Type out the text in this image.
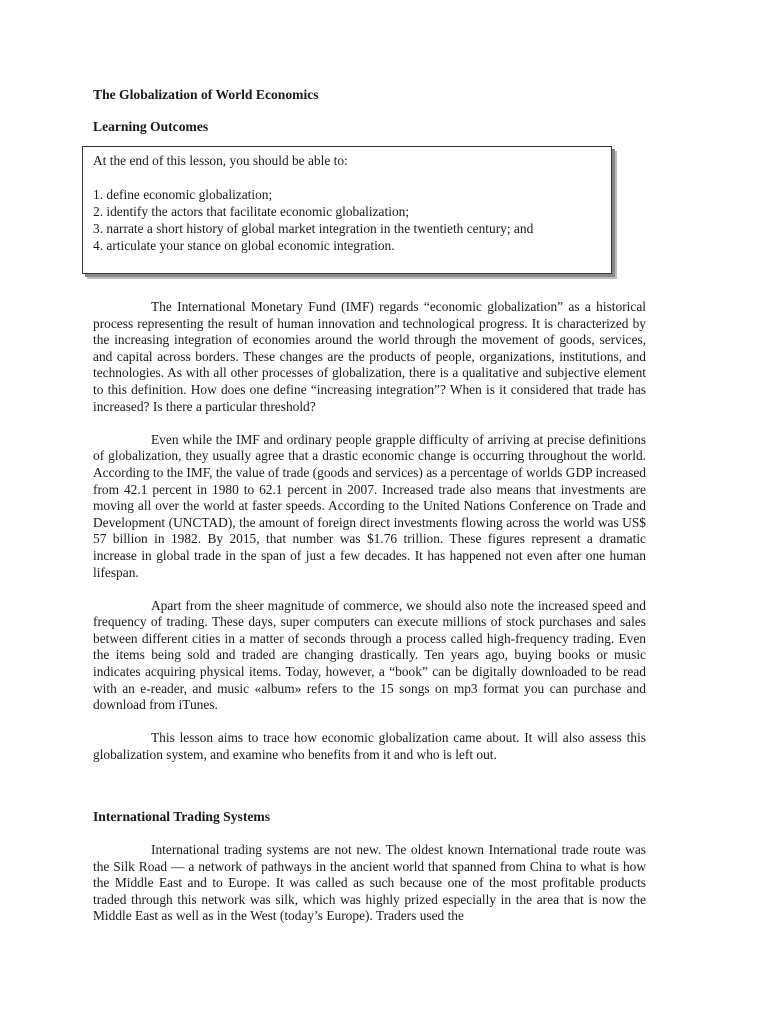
The Globalization of World Economics
Learning Outcomes

At the end of this lesson, you should be able to:

1. define economic globalization;
2. identify the actors that facilitate economic globalization;
3. narrate a short history of global market integration in the twentieth century; and
4. articulate your stance on global economic integration.

The International Monetary Fund (IMF) regards “economic globalization” as a historical process representing the result of human innovation and technological progress. It is characterized by the increasing integration of economies around the world through the movement of goods, services, and capital across borders. These changes are the products of people, organizations, institutions, and technologies. As with all other processes of globalization, there is a qualitative and subjective element to this definition. How does one define “increasing integration”? When is it considered that trade has increased? Is there a particular threshold?

Even while the IMF and ordinary people grapple difficulty of arriving at precise definitions of globalization, they usually agree that a drastic economic change is occurring throughout the world. According to the IMF, the value of trade (goods and services) as a percentage of worlds GDP increased from 42.1 percent in 1980 to 62.1 percent in 2007. Increased trade also means that investments are moving all over the world at faster speeds. According to the United Nations Conference on Trade and Development (UNCTAD), the amount of foreign direct investments flowing across the world was US$ 57 billion in 1982. By 2015, that number was $1.76 trillion. These figures represent a dramatic increase in global trade in the span of just a few decades. It has happened not even after one human lifespan.

Apart from the sheer magnitude of commerce, we should also note the increased speed and frequency of trading. These days, super computers can execute millions of stock purchases and sales between different cities in a matter of seconds through a process called high-frequency trading. Even the items being sold and traded are changing drastically. Ten years ago, buying books or music indicates acquiring physical items. Today, however, a “book” can be digitally downloaded to be read with an e-reader, and music «album» refers to the 15 songs on mp3 format you can purchase and download from iTunes.

This lesson aims to trace how economic globalization came about. It will also assess this globalization system, and examine who benefits from it and who is left out.

International Trading Systems

International trading systems are not new. The oldest known International trade route was the Silk Road — a network of pathways in the ancient world that spanned from China to what is how the Middle East and to Europe. It was called as such because one of the most profitable products traded through this network was silk, which was highly prized especially in the area that is now the Middle East as well as in the West (today’s Europe). Traders used the
